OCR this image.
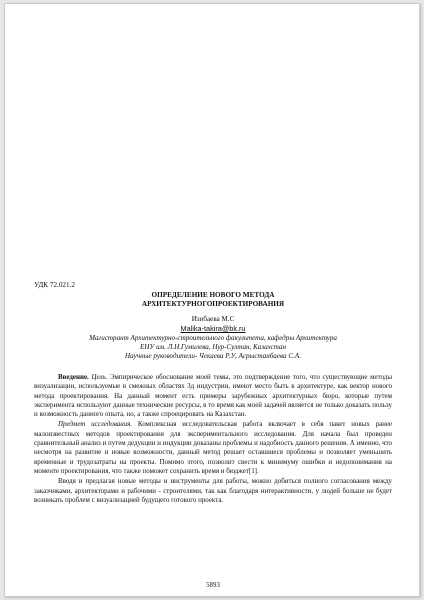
УДК 72.021.2
ОПРЕДЕЛЕНИЕ НОВОГО МЕТОДА
АРХИТЕКТУРНОГОПРОЕКТИРОВАНИЯ
Изибаева М.С
Malika-takira@bk.ru
Магистрант Архитектурно-строительного факультета, кафедры Архитектура
ЕНУ им. Л.Н.Гумилева, Нур-Султан, Казахстан
Научные руководители- Чекаева Р.У, Асрыстанбаева С.А.

Введение. Цель. Эмпирическое обоснование моей темы, это подтверждение того, что существующие методы визуализации, используемые в смежных областях 3д индустрии, имеют место быть в архитектуре, как вектор нового метода проектирования. На данный момент есть примеры зарубежных архитектурных бюро, которые путем эксперимента используют данные технические ресурсы, в то время как моей задачей является не только доказать пользу и возможность данного опыта, но, а также спроецировать на Казахстан.

Предмет исследования. Комплексная исследовательская работа включает в себя пакет новых ранее малоизвестных методов проектирования для экспериментального исследования. Для начала был проведен сравнительный анализ и путем дедукции и индукции доказаны проблемы и надобность данного решения. А именно, что несмотря на развитие и новые возможности, данный метод решает оставшиеся проблемы и позволяет уменьшить временные и трудозатраты на проекты. Помимо этого, позволит свести к минимуму ошибки и недопонимания на моменте проектирования, что также поможет сохранить время и бюджет[1].

Вводя и предлагая новые методы и инструменты для работы, можно добиться полного согласования между заказчиками, архитекторами и рабочими - строителями, так как благодаря интерактивности, у людей больше не будет возникать проблем с визуализацией будущего готового проекта.

5893
